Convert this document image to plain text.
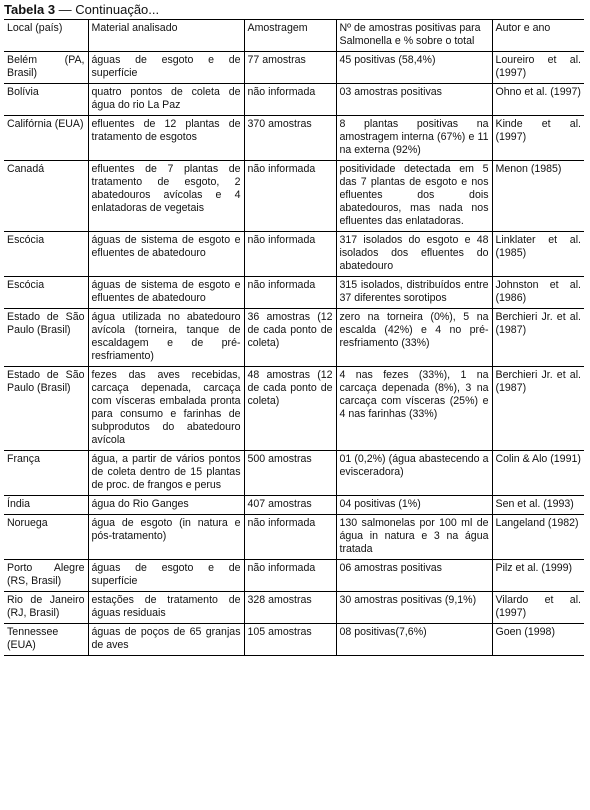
Tabela 3 — Continuação...
Local (país)	Material analisado	Amostragem	Nº de amostras positivas para Salmonella e % sobre o total	Autor e ano
Belém (PA, Brasil)	águas de esgoto e de superfície	77 amostras	45 positivas (58,4%)	Loureiro et al. (1997)
Bolívia	quatro pontos de coleta de água do rio La Paz	não informada	03 amostras positivas	Ohno et al. (1997)
Califórnia (EUA)	efluentes de 12 plantas de tratamento de esgotos	370 amostras	8 plantas positivas na amostragem interna (67%) e 11 na externa (92%)	Kinde et al. (1997)
Canadá	efluentes de 7 plantas de tratamento de esgoto, 2 abatedouros avícolas e 4 enlatadoras de vegetais	não informada	positividade detectada em 5 das 7 plantas de esgoto e nos efluentes dos dois abatedouros, mas nada nos efluentes das enlatadoras.	Menon (1985)
Escócia	águas de sistema de esgoto e efluentes de abatedouro	não informada	317 isolados do esgoto e 48 isolados dos efluentes do abatedouro	Linklater et al. (1985)
Escócia	águas de sistema de esgoto e efluentes de abatedouro	não informada	315 isolados, distribuídos entre 37 diferentes sorotipos	Johnston et al. (1986)
Estado de São Paulo (Brasil)	água utilizada no abatedouro avícola (torneira, tanque de escaldagem e de pré-resfriamento)	36 amostras (12 de cada ponto de coleta)	zero na torneira (0%), 5 na escalda (42%) e 4 no pré-resfriamento (33%)	Berchieri Jr. et al. (1987)
Estado de São Paulo (Brasil)	fezes das aves recebidas, carcaça depenada, carcaça com vísceras embalada pronta para consumo e farinhas de subprodutos do abatedouro avícola	48 amostras (12 de cada ponto de coleta)	4 nas fezes (33%), 1 na carcaça depenada (8%), 3 na carcaça com vísceras (25%) e 4 nas farinhas (33%)	Berchieri Jr. et al. (1987)
França	água, a partir de vários pontos de coleta dentro de 15 plantas de proc. de frangos e perus	500 amostras	01 (0,2%) (água abastecendo a evisceradora)	Colin & Alo (1991)
Índia	água do Rio Ganges	407 amostras	04 positivas (1%)	Sen et al. (1993)
Noruega	água de esgoto (in natura e pós-tratamento)	não informada	130 salmonelas por 100 ml de água in natura e 3 na água tratada	Langeland (1982)
Porto Alegre (RS, Brasil)	águas de esgoto e de superfície	não informada	06 amostras positivas	Pilz et al. (1999)
Rio de Janeiro (RJ, Brasil)	estações de tratamento de águas residuais	328 amostras	30 amostras positivas (9,1%)	Vilardo et al. (1997)
Tennessee (EUA)	águas de poços de 65 granjas de aves	105 amostras	08 positivas(7,6%)	Goen (1998)
